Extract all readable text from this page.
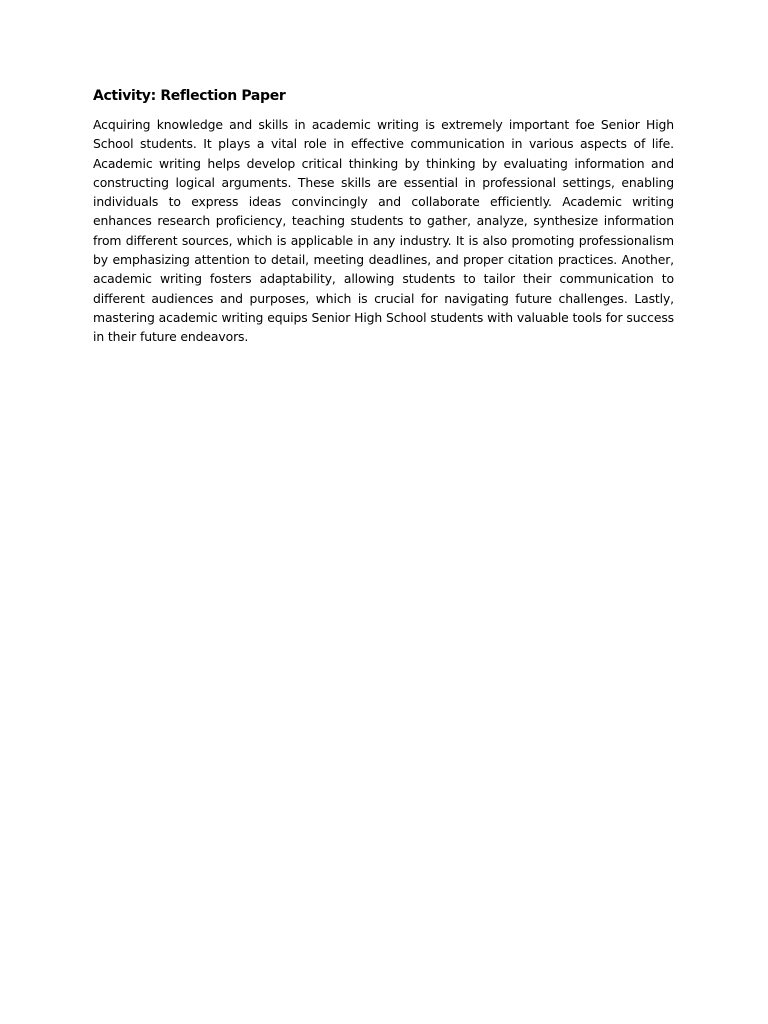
Activity: Reflection Paper

Acquiring knowledge and skills in academic writing is extremely important foe Senior High School students. It plays a vital role in effective communication in various aspects of life. Academic writing helps develop critical thinking by thinking by evaluating information and constructing logical arguments. These skills are essential in professional settings, enabling individuals to express ideas convincingly and collaborate efficiently. Academic writing enhances research proficiency, teaching students to gather, analyze, synthesize information from different sources, which is applicable in any industry. It is also promoting professionalism by emphasizing attention to detail, meeting deadlines, and proper citation practices. Another, academic writing fosters adaptability, allowing students to tailor their communication to different audiences and purposes, which is crucial for navigating future challenges. Lastly, mastering academic writing equips Senior High School students with valuable tools for success in their future endeavors.
